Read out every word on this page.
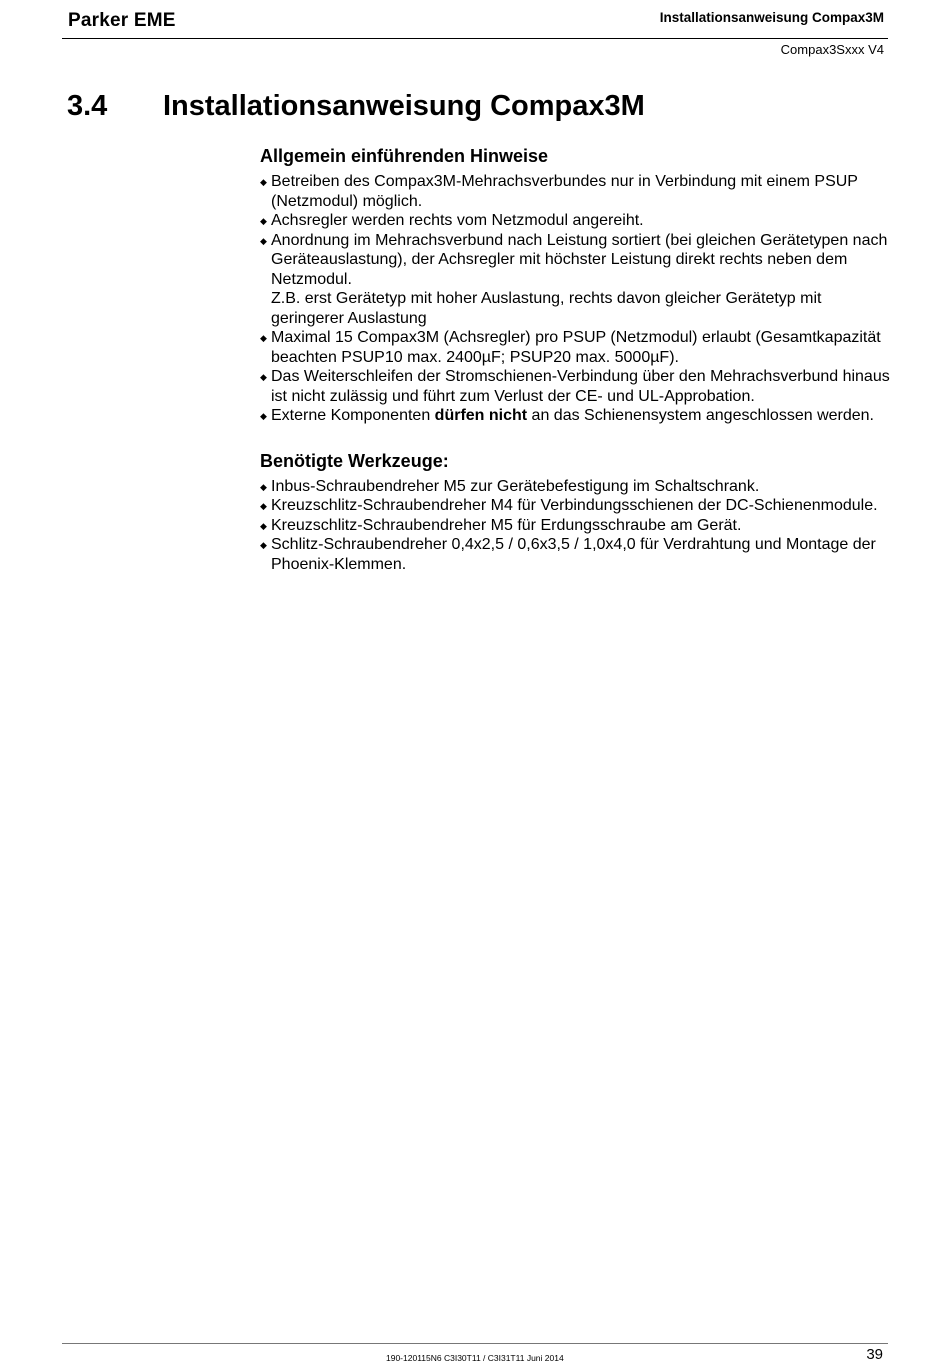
Parker EME	Installationsanweisung Compax3M
Compax3Sxxx V4
3.4	Installationsanweisung Compax3M
Allgemein einführenden Hinweise
◆ Betreiben des Compax3M-Mehrachsverbundes nur in Verbindung mit einem PSUP (Netzmodul) möglich.
◆ Achsregler werden rechts vom Netzmodul angereiht.
◆ Anordnung im Mehrachsverbund nach Leistung sortiert (bei gleichen Gerätetypen nach Geräteauslastung), der Achsregler mit höchster Leistung direkt rechts neben dem Netzmodul.
Z.B. erst Gerätetyp mit hoher Auslastung, rechts davon gleicher Gerätetyp mit geringerer Auslastung
◆ Maximal 15 Compax3M (Achsregler) pro PSUP (Netzmodul) erlaubt (Gesamtkapazität beachten PSUP10 max. 2400µF; PSUP20 max. 5000µF).
◆ Das Weiterschleifen der Stromschienen-Verbindung über den Mehrachsverbund hinaus ist nicht zulässig und führt zum Verlust der CE- und UL-Approbation.
◆ Externe Komponenten dürfen nicht an das Schienensystem angeschlossen werden.
Benötigte Werkzeuge:
◆ Inbus-Schraubendreher M5 zur Gerätebefestigung im Schaltschrank.
◆ Kreuzschlitz-Schraubendreher M4 für Verbindungsschienen der DC-Schienenmodule.
◆ Kreuzschlitz-Schraubendreher M5 für Erdungsschraube am Gerät.
◆ Schlitz-Schraubendreher 0,4x2,5 / 0,6x3,5 / 1,0x4,0 für Verdrahtung und Montage der Phoenix-Klemmen.
190-120115N6 C3I30T11 / C3I31T11 Juni 2014	39
